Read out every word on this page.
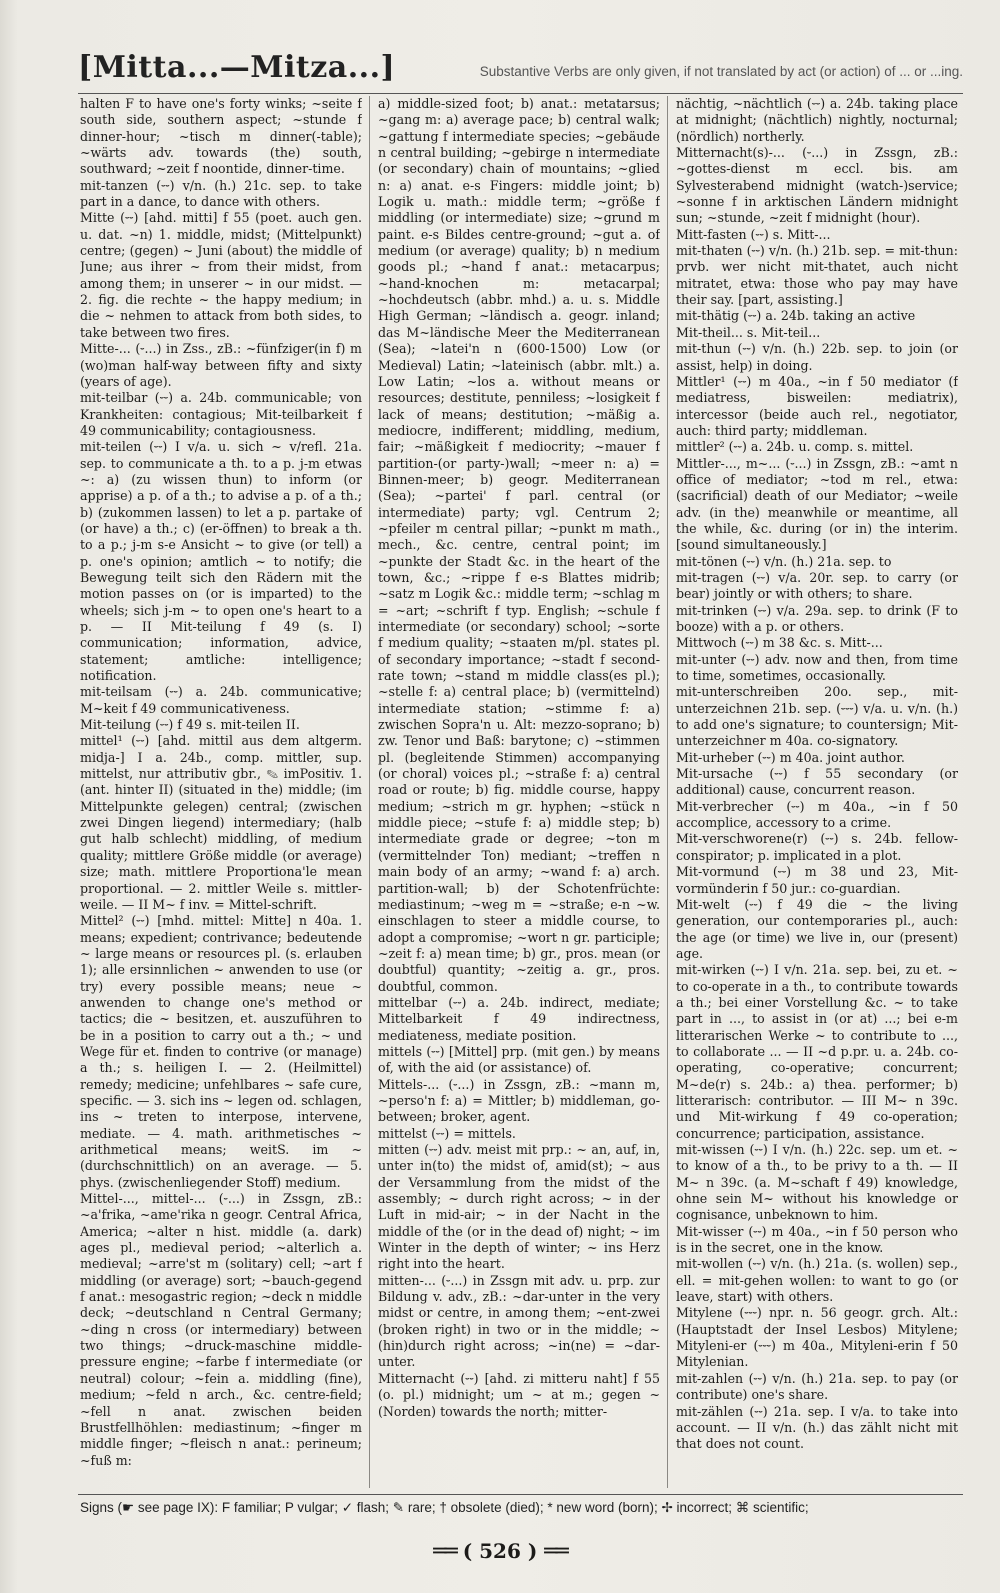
[Mitta...—Mitza...]	Substantive Verbs are only given, if not translated by act (or action) of ... or ...ing.

halten F to have one's forty winks; ~seite f south side, southern aspect; ~stunde f dinner-hour; ~tisch m dinner(-table); ~wärts adv. towards (the) south, southward; ~zeit f noontide, dinner-time.

mit-tanzen (⏑⏑) v/n. (h.) 21c. sep. to take part in a dance, to dance with others.

Mitte (⏑⏑) [ahd. mitti] f 55 (poet. auch gen. u. dat. ~n) 1. middle, midst; (Mittelpunkt) centre; (gegen) ~ Juni (about) the middle of June; aus ihrer ~ from their midst, from among them; in unserer ~ in our midst. — 2. fig. die rechte ~ the happy medium; in die ~ nehmen to attack from both sides, to take between two fires.

Mitte-... (⏑...) in Zss., zB.: ~fünfziger(in f) m (wo)man half-way between fifty and sixty (years of age).

mit-teilbar (⏑⏑) a. 24b. communicable; von Krankheiten: contagious; Mit-teilbarkeit f 49 communicability; contagiousness.

mit-teilen (⏑⏑) I v/a. u. sich ~ v/refl. 21a. sep. to communicate a th. to a p. j-m etwas ~: a) (zu wissen thun) to inform (or apprise) a p. of a th.; to advise a p. of a th.; b) (zukommen lassen) to let a p. partake of (or have) a th.; c) (er-öffnen) to break a th. to a p.; j-m s-e Ansicht ~ to give (or tell) a p. one's opinion; amtlich ~ to notify; die Bewegung teilt sich den Rädern mit the motion passes on (or is imparted) to the wheels; sich j-m ~ to open one's heart to a p. — II Mit-teilung f 49 (s. I) communication; information, advice, statement; amtliche: intelligence; notification.

mit-teilsam (⏑⏑) a. 24b. communicative; M~keit f 49 communicativeness.

Mit-teilung (⏑⏑) f 49 s. mit-teilen II.

mittel¹ (⏑⏑) [ahd. mittil aus dem altgerm. midja-] I a. 24b., comp. mittler, sup. mittelst, nur attributiv gbr., ✎ imPositiv. 1. (ant. hinter II) (situated in the) middle; (im Mittelpunkte gelegen) central; (zwischen zwei Dingen liegend) intermediary; (halb gut halb schlecht) middling, of medium quality; mittlere Größe middle (or average) size; math. mittlere Proportiona'le mean proportional. — 2. mittler Weile s. mittler-weile. — II M~ f inv. = Mittel-schrift.

Mittel² (⏑⏑) [mhd. mittel: Mitte] n 40a. 1. means; expedient; contrivance; bedeutende ~ large means or resources pl. (s. erlauben 1); alle ersinnlichen ~ anwenden to use (or try) every possible means; neue ~ anwenden to change one's method or tactics; die ~ besitzen, et. auszuführen to be in a position to carry out a th.; ~ und Wege für et. finden to contrive (or manage) a th.; s. heiligen I. — 2. (Heilmittel) remedy; medicine; unfehlbares ~ safe cure, specific. — 3. sich ins ~ legen od. schlagen, ins ~ treten to interpose, intervene, mediate. — 4. math. arithmetisches ~ arithmetical means; weitS. im ~ (durchschnittlich) on an average. — 5. phys. (zwischenliegender Stoff) medium.

Mittel-..., mittel-... (⏑...) in Zssgn, zB.: ~a'frika, ~ame'rika n geogr. Central Africa, America; ~alter n hist. middle (a. dark) ages pl., medieval period; ~alterlich a. medieval; ~arre'st m (solitary) cell; ~art f middling (or average) sort; ~bauch-gegend f anat.: mesogastric region; ~deck n middle deck; ~deutschland n Central Germany; ~ding n cross (or intermediary) between two things; ~druck-maschine middle-pressure engine; ~farbe f intermediate (or neutral) colour; ~fein a. middling (fine), medium; ~feld n arch., &c. centre-field; ~fell n anat. zwischen beiden Brustfellhöhlen: mediastinum; ~finger m middle finger; ~fleisch n anat.: perineum; ~fuß m:

a) middle-sized foot; b) anat.: metatarsus; ~gang m: a) average pace; b) central walk; ~gattung f intermediate species; ~gebäude n central building; ~gebirge n intermediate (or secondary) chain of mountains; ~glied n: a) anat. e-s Fingers: middle joint; b) Logik u. math.: middle term; ~größe f middling (or intermediate) size; ~grund m paint. e-s Bildes centre-ground; ~gut a. of medium (or average) quality; b) n medium goods pl.; ~hand f anat.: metacarpus; ~hand-knochen m: metacarpal; ~hochdeutsch (abbr. mhd.) a. u. s. Middle High German; ~ländisch a. geogr. inland; das M~ländische Meer the Mediterranean (Sea); ~latei'n n (600-1500) Low (or Medieval) Latin; ~lateinisch (abbr. mlt.) a. Low Latin; ~los a. without means or resources; destitute, penniless; ~losigkeit f lack of means; destitution; ~mäßig a. mediocre, indifferent; middling, medium, fair; ~mäßigkeit f mediocrity; ~mauer f partition-(or party-)wall; ~meer n: a) = Binnen-meer; b) geogr. Mediterranean (Sea); ~partei' f parl. central (or intermediate) party; vgl. Centrum 2; ~pfeiler m central pillar; ~punkt m math., mech., &c. centre, central point; im ~punkte der Stadt &c. in the heart of the town, &c.; ~rippe f e-s Blattes midrib; ~satz m Logik &c.: middle term; ~schlag m = ~art; ~schrift f typ. English; ~schule f intermediate (or secondary) school; ~sorte f medium quality; ~staaten m/pl. states pl. of secondary importance; ~stadt f second-rate town; ~stand m middle class(es pl.); ~stelle f: a) central place; b) (vermittelnd) intermediate station; ~stimme f: a) zwischen Sopra'n u. Alt: mezzo-soprano; b) zw. Tenor und Baß: barytone; c) ~stimmen pl. (begleitende Stimmen) accompanying (or choral) voices pl.; ~straße f: a) central road or route; b) fig. middle course, happy medium; ~strich m gr. hyphen; ~stück n middle piece; ~stufe f: a) middle step; b) intermediate grade or degree; ~ton m (vermittelnder Ton) mediant; ~treffen n main body of an army; ~wand f: a) arch. partition-wall; b) der Schotenfrüchte: mediastinum; ~weg m = ~straße; e-n ~w. einschlagen to steer a middle course, to adopt a compromise; ~wort n gr. participle; ~zeit f: a) mean time; b) gr., pros. mean (or doubtful) quantity; ~zeitig a. gr., pros. doubtful, common.

mittelbar (⏑⏑) a. 24b. indirect, mediate; Mittelbarkeit f 49 indirectness, mediateness, mediate position.

mittels (⏑⏑) [Mittel] prp. (mit gen.) by means of, with the aid (or assistance) of.

Mittels-... (⏑...) in Zssgn, zB.: ~mann m, ~perso'n f: a) = Mittler; b) middleman, go-between; broker, agent.

mittelst (⏑⏑) = mittels.

mitten (⏑⏑) adv. meist mit prp.: ~ an, auf, in, unter in(to) the midst of, amid(st); ~ aus der Versammlung from the midst of the assembly; ~ durch right across; ~ in der Luft in mid-air; ~ in der Nacht in the middle of the (or in the dead of) night; ~ im Winter in the depth of winter; ~ ins Herz right into the heart.

mitten-... (⏑...) in Zssgn mit adv. u. prp. zur Bildung v. adv., zB.: ~dar-unter in the very midst or centre, in among them; ~ent-zwei (broken right) in two or in the middle; ~(hin)durch right across; ~in(ne) = ~dar-unter.

Mitternacht (⏑⏑) [ahd. zi mitteru naht] f 55 (o. pl.) midnight; um ~ at m.; gegen ~ (Norden) towards the north; mitter-

nächtig, ~nächtlich (⏑⏑) a. 24b. taking place at midnight; (nächtlich) nightly, nocturnal; (nördlich) northerly.

Mitternacht(s)-... (⏑...) in Zssgn, zB.: ~gottes-dienst m eccl. bis. am Sylvesterabend midnight (watch-)service; ~sonne f in arktischen Ländern midnight sun; ~stunde, ~zeit f midnight (hour).

Mitt-fasten (⏑⏑) s. Mitt-...

mit-thaten (⏑⏑) v/n. (h.) 21b. sep. = mit-thun: prvb. wer nicht mit-thatet, auch nicht mitratet, etwa: those who pay may have their say. [part, assisting.]

mit-thätig (⏑⏑) a. 24b. taking an active

Mit-theil... s. Mit-teil...

mit-thun (⏑⏑) v/n. (h.) 22b. sep. to join (or assist, help) in doing.

Mittler¹ (⏑⏑) m 40a., ~in f 50 mediator (f mediatress, bisweilen: mediatrix), intercessor (beide auch rel., negotiator, auch: third party; middleman.

mittler² (⏑⏑) a. 24b. u. comp. s. mittel.

Mittler-..., m~... (⏑...) in Zssgn, zB.: ~amt n office of mediator; ~tod m rel., etwa: (sacrificial) death of our Mediator; ~weile adv. (in the) meanwhile or meantime, all the while, &c. during (or in) the interim. [sound simultaneously.]

mit-tönen (⏑⏑) v/n. (h.) 21a. sep. to

mit-tragen (⏑⏑) v/a. 20r. sep. to carry (or bear) jointly or with others; to share.

mit-trinken (⏑⏑) v/a. 29a. sep. to drink (F to booze) with a p. or others.

Mittwoch (⏑⏑) m 38 &c. s. Mitt-...

mit-unter (⏑⏑) adv. now and then, from time to time, sometimes, occasionally.

mit-unterschreiben 20o. sep., mit-unterzeichnen 21b. sep. (⏑⏑⏑) v/a. u. v/n. (h.) to add one's signature; to countersign; Mit-unterzeichner m 40a. co-signatory.

Mit-urheber (⏑⏑) m 40a. joint author.

Mit-ursache (⏑⏑) f 55 secondary (or additional) cause, concurrent reason.

Mit-verbrecher (⏑⏑) m 40a., ~in f 50 accomplice, accessory to a crime.

Mit-verschworene(r) (⏑⏑) s. 24b. fellow-conspirator; p. implicated in a plot.

Mit-vormund (⏑⏑) m 38 und 23, Mit-vormünderin f 50 jur.: co-guardian.

Mit-welt (⏑⏑) f 49 die ~ the living generation, our contemporaries pl., auch: the age (or time) we live in, our (present) age.

mit-wirken (⏑⏑) I v/n. 21a. sep. bei, zu et. ~ to co-operate in a th., to contribute towards a th.; bei einer Vorstellung &c. ~ to take part in ..., to assist in (or at) ...; bei e-m litterarischen Werke ~ to contribute to ..., to collaborate ... — II ~d p.pr. u. a. 24b. co-operating, co-operative; concurrent; M~de(r) s. 24b.: a) thea. performer; b) litterarisch: contributor. — III M~ n 39c. und Mit-wirkung f 49 co-operation; concurrence; participation, assistance.

mit-wissen (⏑⏑) I v/n. (h.) 22c. sep. um et. ~ to know of a th., to be privy to a th. — II M~ n 39c. (a. M~schaft f 49) knowledge, ohne sein M~ without his knowledge or cognisance, unbeknown to him.

Mit-wisser (⏑⏑) m 40a., ~in f 50 person who is in the secret, one in the know.

mit-wollen (⏑⏑) v/n. (h.) 21a. (s. wollen) sep., ell. = mit-gehen wollen: to want to go (or leave, start) with others.

Mitylene (⏑⏑⏑) npr. n. 56 geogr. grch. Alt.: (Hauptstadt der Insel Lesbos) Mitylene; Mityleni-er (⏑⏑⏑) m 40a., Mityleni-erin f 50 Mitylenian.

mit-zahlen (⏑⏑) v/n. (h.) 21a. sep. to pay (or contribute) one's share.

mit-zählen (⏑⏑) 21a. sep. I v/a. to take into account. — II v/n. (h.) das zählt nicht mit that does not count.

Signs (☛ see page IX): F familiar; P vulgar; ✓ flash; ✎ rare; † obsolete (died); * new word (born); ✢ incorrect; ⌘ scientific;
══ ( 526 ) ══
